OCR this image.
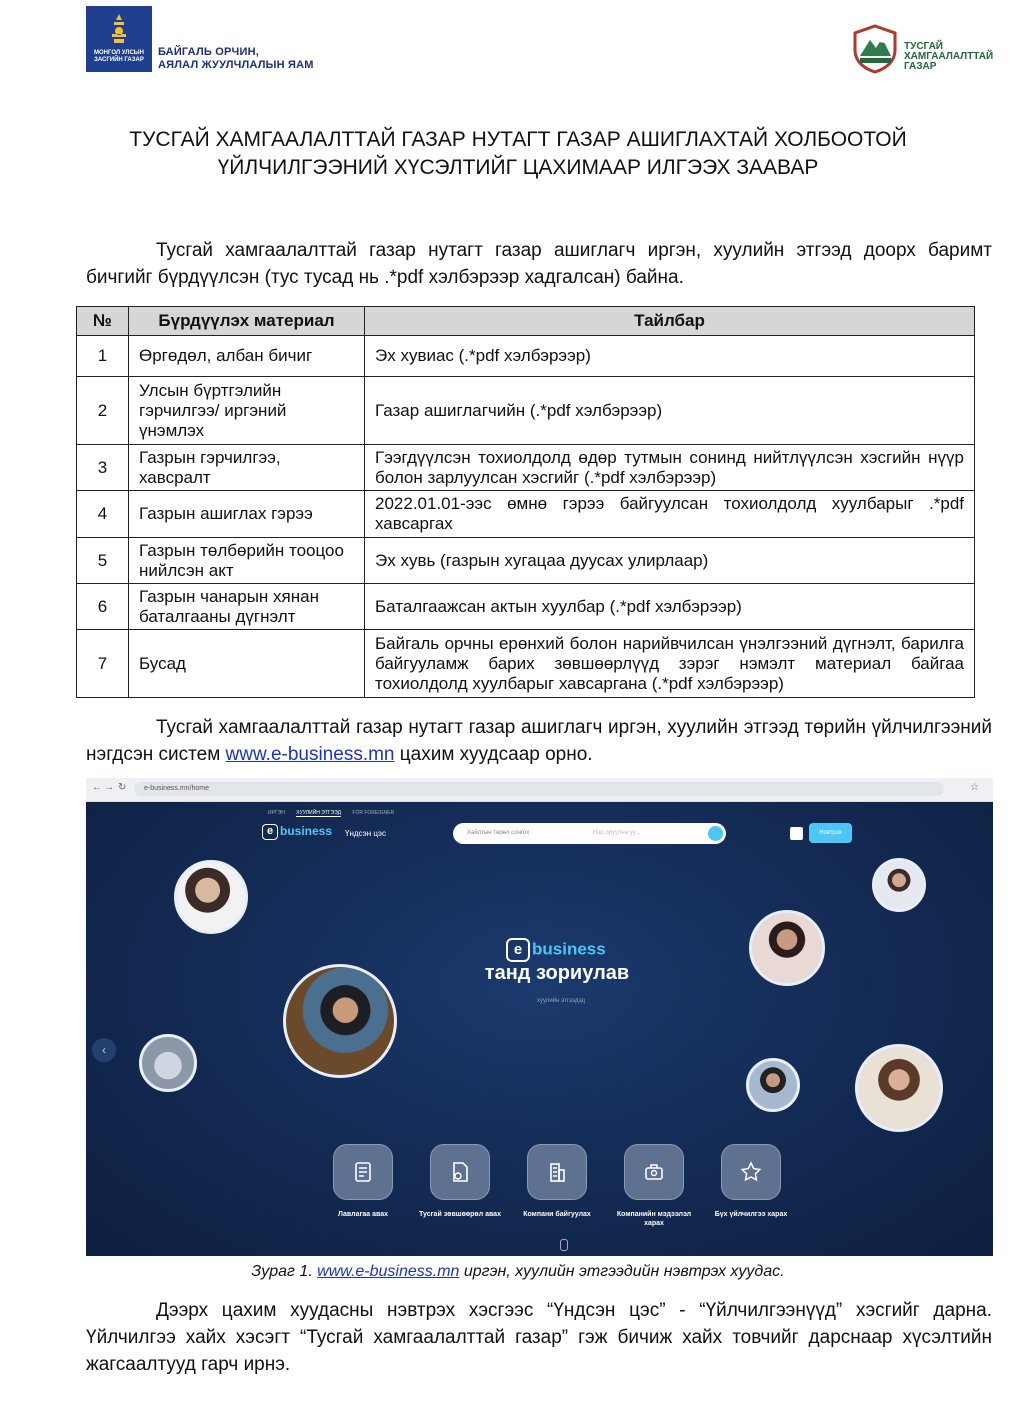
МОНГОЛ УЛСЫН ЗАСГИЙН ГАЗАР
БАЙГАЛЬ ОРЧИН,
АЯЛАЛ ЖУУЛЧЛАЛЫН ЯАМ
ТУСГАЙ
ХАМГААЛАЛТТАЙ
ГАЗАР
ТУСГАЙ ХАМГААЛАЛТТАЙ ГАЗАР НУТАГТ ГАЗАР АШИГЛАХТАЙ ХОЛБООТОЙ
ҮЙЛЧИЛГЭЭНИЙ ХҮСЭЛТИЙГ ЦАХИМААР ИЛГЭЭХ ЗААВАР
Тусгай хамгаалалттай газар нутагт газар ашиглагч иргэн, хуулийн этгээд доорх баримт бичгийг бүрдүүлсэн (тус тусад нь .*pdf хэлбэрээр хадгалсан) байна.
№	Бүрдүүлэх материал	Тайлбар
1	Өргөдөл, албан бичиг	Эх хувиас (.*pdf хэлбэрээр)
2	Улсын бүртгэлийн гэрчилгээ/ иргэний үнэмлэх	Газар ашиглагчийн (.*pdf хэлбэрээр)
3	Газрын гэрчилгээ, хавсралт	Гээгдүүлсэн тохиолдолд өдөр тутмын сонинд нийтлүүлсэн хэсгийн нүүр болон зарлуулсан хэсгийг (.*pdf хэлбэрээр)
4	Газрын ашиглах гэрээ	2022.01.01-ээс өмнө гэрээ байгуулсан тохиолдолд хуулбарыг .*pdf хавсаргах
5	Газрын төлбөрийн тооцоо нийлсэн акт	Эх хувь (газрын хугацаа дуусах улирлаар)
6	Газрын чанарын хянан баталгааны дүгнэлт	Баталгаажсан актын хуулбар (.*pdf хэлбэрээр)
7	Бусад	Байгаль орчны ерөнхий болон нарийвчилсан үнэлгээний дүгнэлт, барилга байгууламж барих зөвшөөрлүүд зэрэг нэмэлт материал байгаа тохиолдолд хуулбарыг хавсаргана (.*pdf хэлбэрээр)
Тусгай хамгаалалттай газар нутагт газар ашиглагч иргэн, хуулийн этгээд төрийн үйлчилгээний нэгдсэн систем www.e-business.mn цахим хуудсаар орно.
← → ↻	e-business.mn/home	☆
ИРГЭН ХУУЛИЙН ЭТГЭЭД FOR FOREIGNER
e business Үндсэн цэс	Хайлтын төрөл сонгох	Нэр оруулна уу...	Нэвтрэх
‹
e business
танд зориулав
хуулийн этгээдэд
Лавлагаа авах	Тусгай зөвшөөрөл авах	Компани байгуулах	Компанийн мэдээлэл харах
Бүх үйлчилгээ харах
Зураг 1. www.e-business.mn иргэн, хуулийн этгээдийн нэвтрэх хуудас.
Дээрх цахим хуудасны нэвтрэх хэсгээс “Үндсэн цэс” - “Үйлчилгээнүүд” хэсгийг дарна. Үйлчилгээ хайх хэсэгт “Тусгай хамгаалалттай газар” гэж бичиж хайх товчийг дарснаар хүсэлтийн жагсаалтууд гарч ирнэ.
